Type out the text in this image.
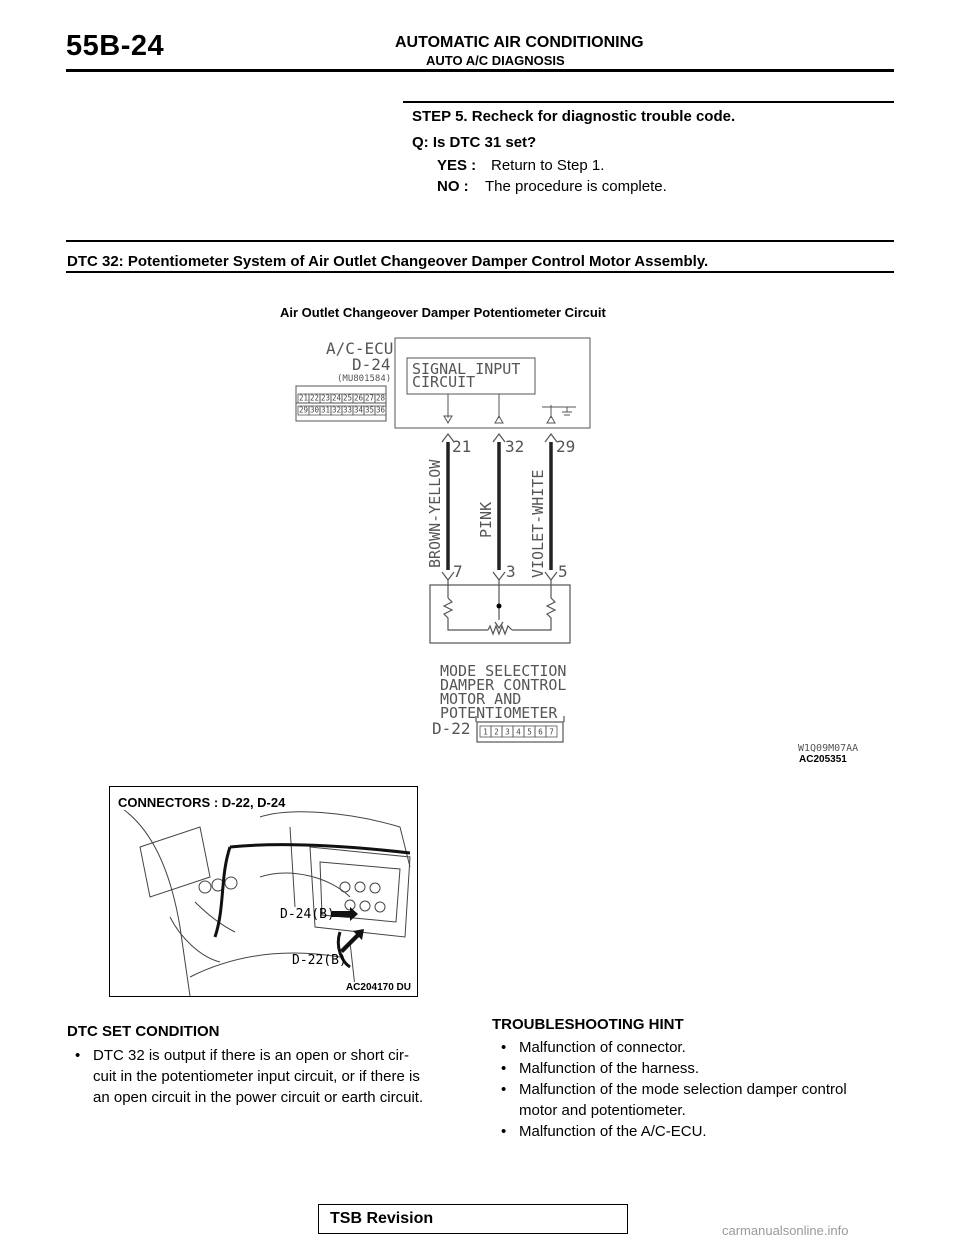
55B-24	AUTOMATIC AIR CONDITIONING
AUTO A/C DIAGNOSIS
STEP 5. Recheck for diagnostic trouble code.
Q: Is DTC 31 set?
YES : Return to Step 1.
NO : The procedure is complete.
DTC 32: Potentiometer System of Air Outlet Changeover Damper Control Motor Assembly.
Air Outlet Changeover Damper Potentiometer Circuit
A/C-ECU
D-24
(MU801584)
SIGNAL INPUT
CIRCUIT
21 22 23 24 25 26 27 28
29 30 31 32 33 34 35 36
21 32 29
BROWN-YELLOW PINK VIOLET-WHITE
7	3	5
MODE SELECTION
DAMPER CONTROL
MOTOR AND
POTENTIOMETER
D-22 1 2 3 4 5 6 7
W1Q09M07AA
AC205351
D-24(B)
D-22(B)
CONNECTORS : D-22, D-24
AC204170 DU
DTC SET CONDITION
• DTC 32 is output if there is an open or short cir-
cuit in the potentiometer input circuit, or if there is
an open circuit in the power circuit or earth circuit.
TROUBLESHOOTING HINT
• Malfunction of connector.
• Malfunction of the harness.
• Malfunction of the mode selection damper control
motor and potentiometer.
• Malfunction of the A/C-ECU.
TSB Revision
carmanualsonline.info
